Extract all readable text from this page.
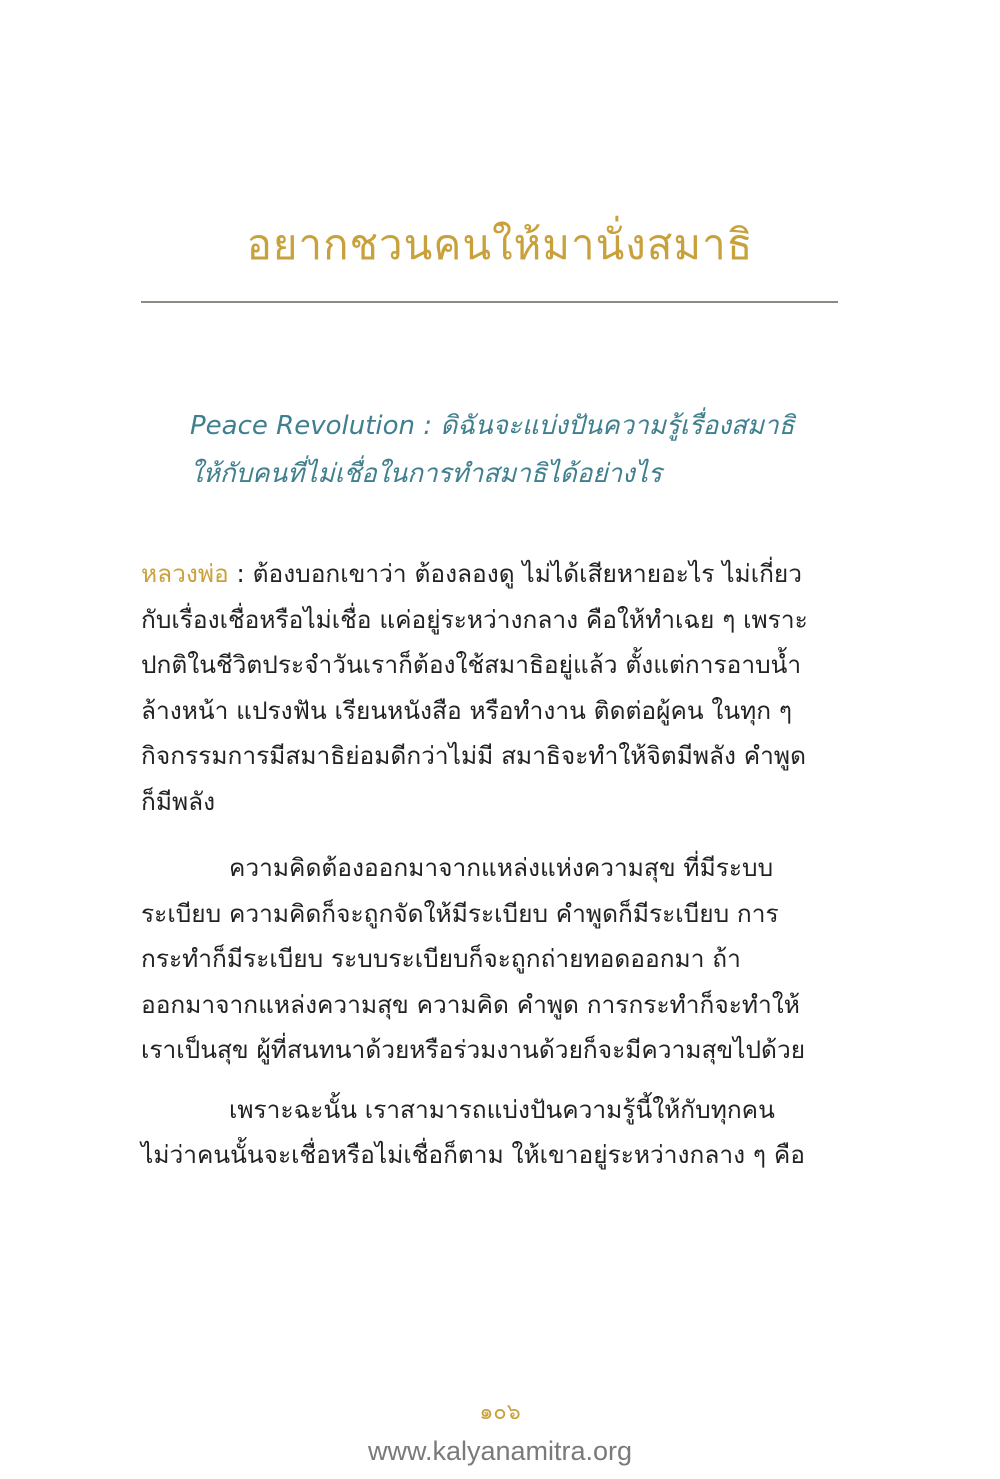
อยากชวนคนให้มานั่งสมาธิ
Peace Revolution : ดิฉันจะแบ่งปันความรู้เรื่องสมาธิ
ให้กับคนที่ไม่เชื่อในการทำสมาธิได้อย่างไร
หลวงพ่อ : ต้องบอกเขาว่า ต้องลองดู ไม่ได้เสียหายอะไร ไม่เกี่ยว
กับเรื่องเชื่อหรือไม่เชื่อ แค่อยู่ระหว่างกลาง คือให้ทำเฉย ๆ เพราะ
ปกติในชีวิตประจำวันเราก็ต้องใช้สมาธิอยู่แล้ว ตั้งแต่การอาบน้ำ
ล้างหน้า แปรงฟัน เรียนหนังสือ หรือทำงาน ติดต่อผู้คน ในทุก ๆ
กิจกรรมการมีสมาธิย่อมดีกว่าไม่มี สมาธิจะทำให้จิตมีพลัง คำพูด
ก็มีพลัง
ความคิดต้องออกมาจากแหล่งแห่งความสุข ที่มีระบบ
ระเบียบ ความคิดก็จะถูกจัดให้มีระเบียบ คำพูดก็มีระเบียบ การ
กระทำก็มีระเบียบ ระบบระเบียบก็จะถูกถ่ายทอดออกมา ถ้า
ออกมาจากแหล่งความสุข ความคิด คำพูด การกระทำก็จะทำให้
เราเป็นสุข ผู้ที่สนทนาด้วยหรือร่วมงานด้วยก็จะมีความสุขไปด้วย
เพราะฉะนั้น เราสามารถแบ่งปันความรู้นี้ให้กับทุกคน
ไม่ว่าคนนั้นจะเชื่อหรือไม่เชื่อก็ตาม ให้เขาอยู่ระหว่างกลาง ๆ คือ
๑๐๖
www.kalyanamitra.org
